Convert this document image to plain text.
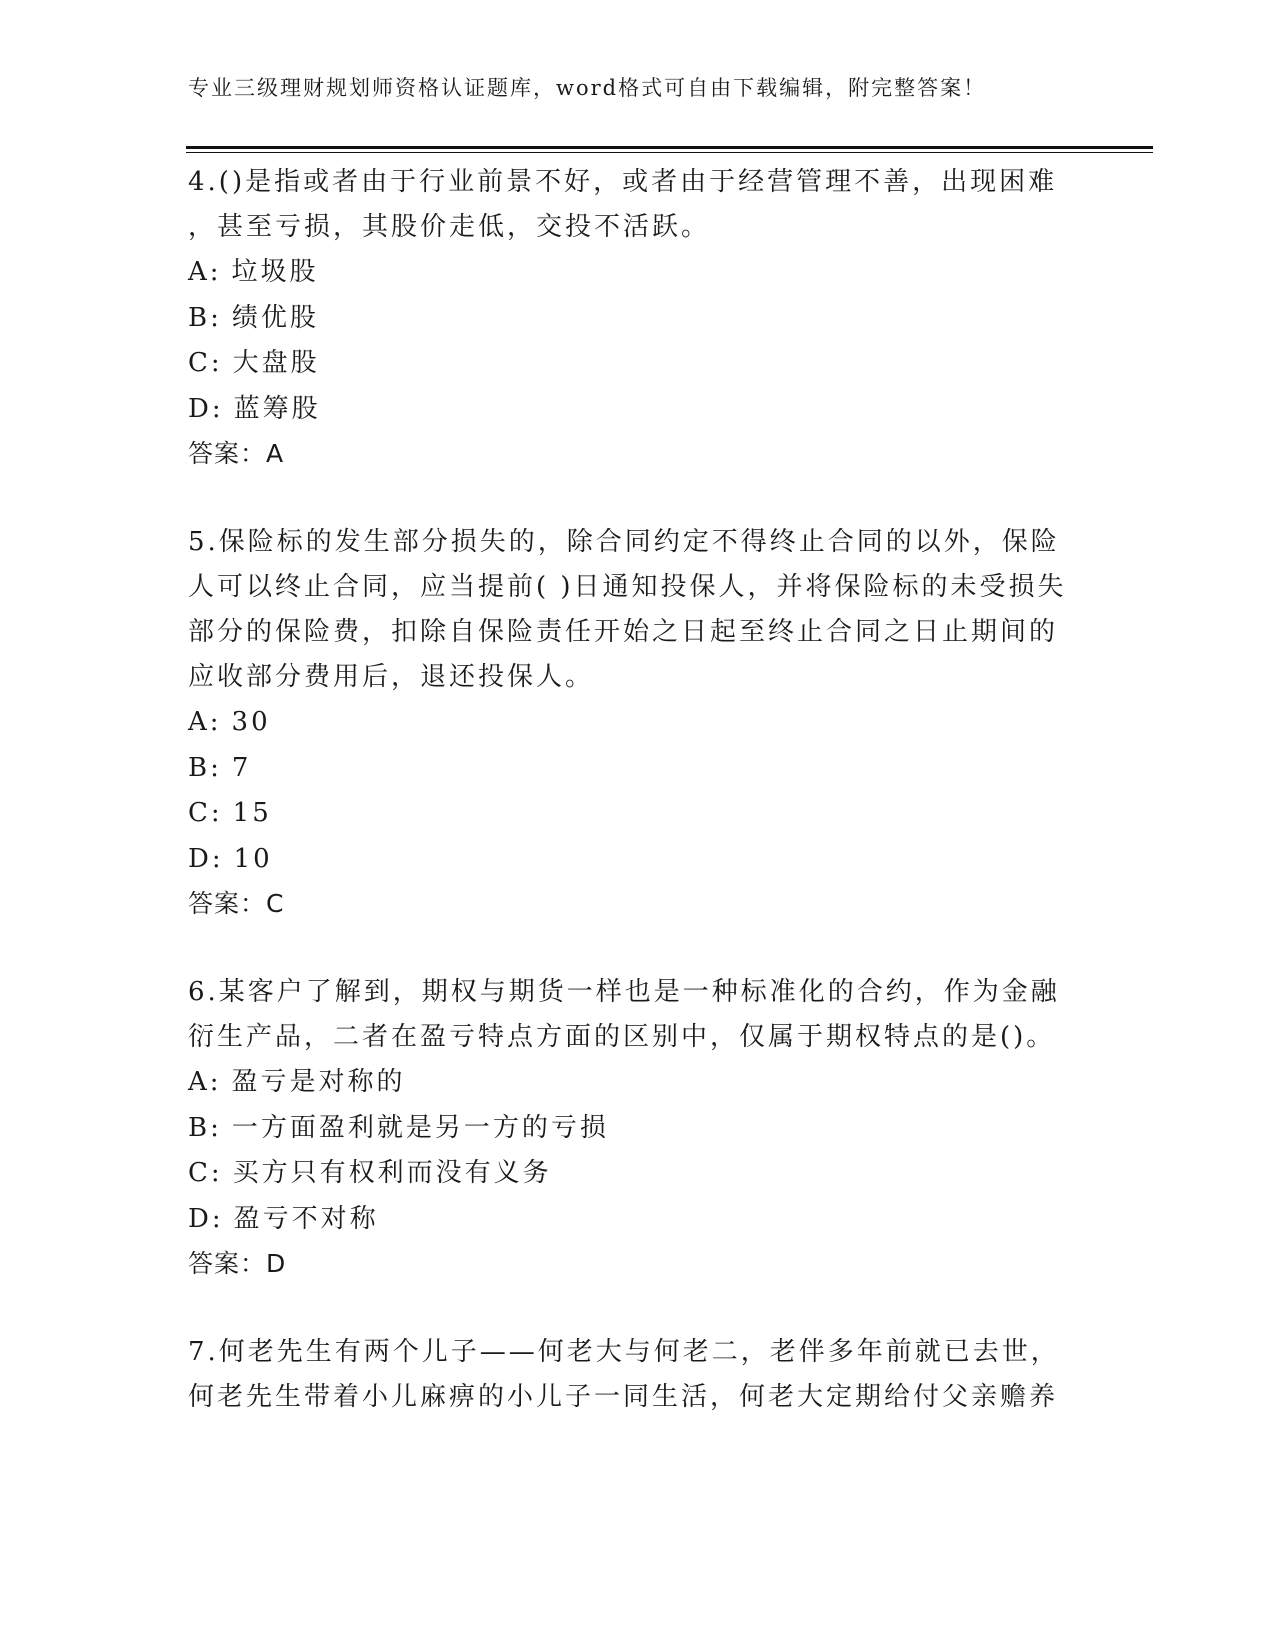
专业三级理财规划师资格认证题库，word格式可自由下载编辑，附完整答案！
4.()是指或者由于行业前景不好，或者由于经营管理不善，出现困难
，甚至亏损，其股价走低，交投不活跃。
A: 垃圾股
B: 绩优股
C: 大盘股
D: 蓝筹股
答案：A
5.保险标的发生部分损失的，除合同约定不得终止合同的以外，保险
人可以终止合同，应当提前( )日通知投保人，并将保险标的未受损失
部分的保险费，扣除自保险责任开始之日起至终止合同之日止期间的
应收部分费用后，退还投保人。
A: 30
B: 7
C: 15
D: 10
答案：C
6.某客户了解到，期权与期货一样也是一种标准化的合约，作为金融
衍生产品，二者在盈亏特点方面的区别中，仅属于期权特点的是()。
A: 盈亏是对称的
B: 一方面盈利就是另一方的亏损
C: 买方只有权利而没有义务
D: 盈亏不对称
答案：D
7.何老先生有两个儿子——何老大与何老二，老伴多年前就已去世，
何老先生带着小儿麻痹的小儿子一同生活，何老大定期给付父亲赡养
